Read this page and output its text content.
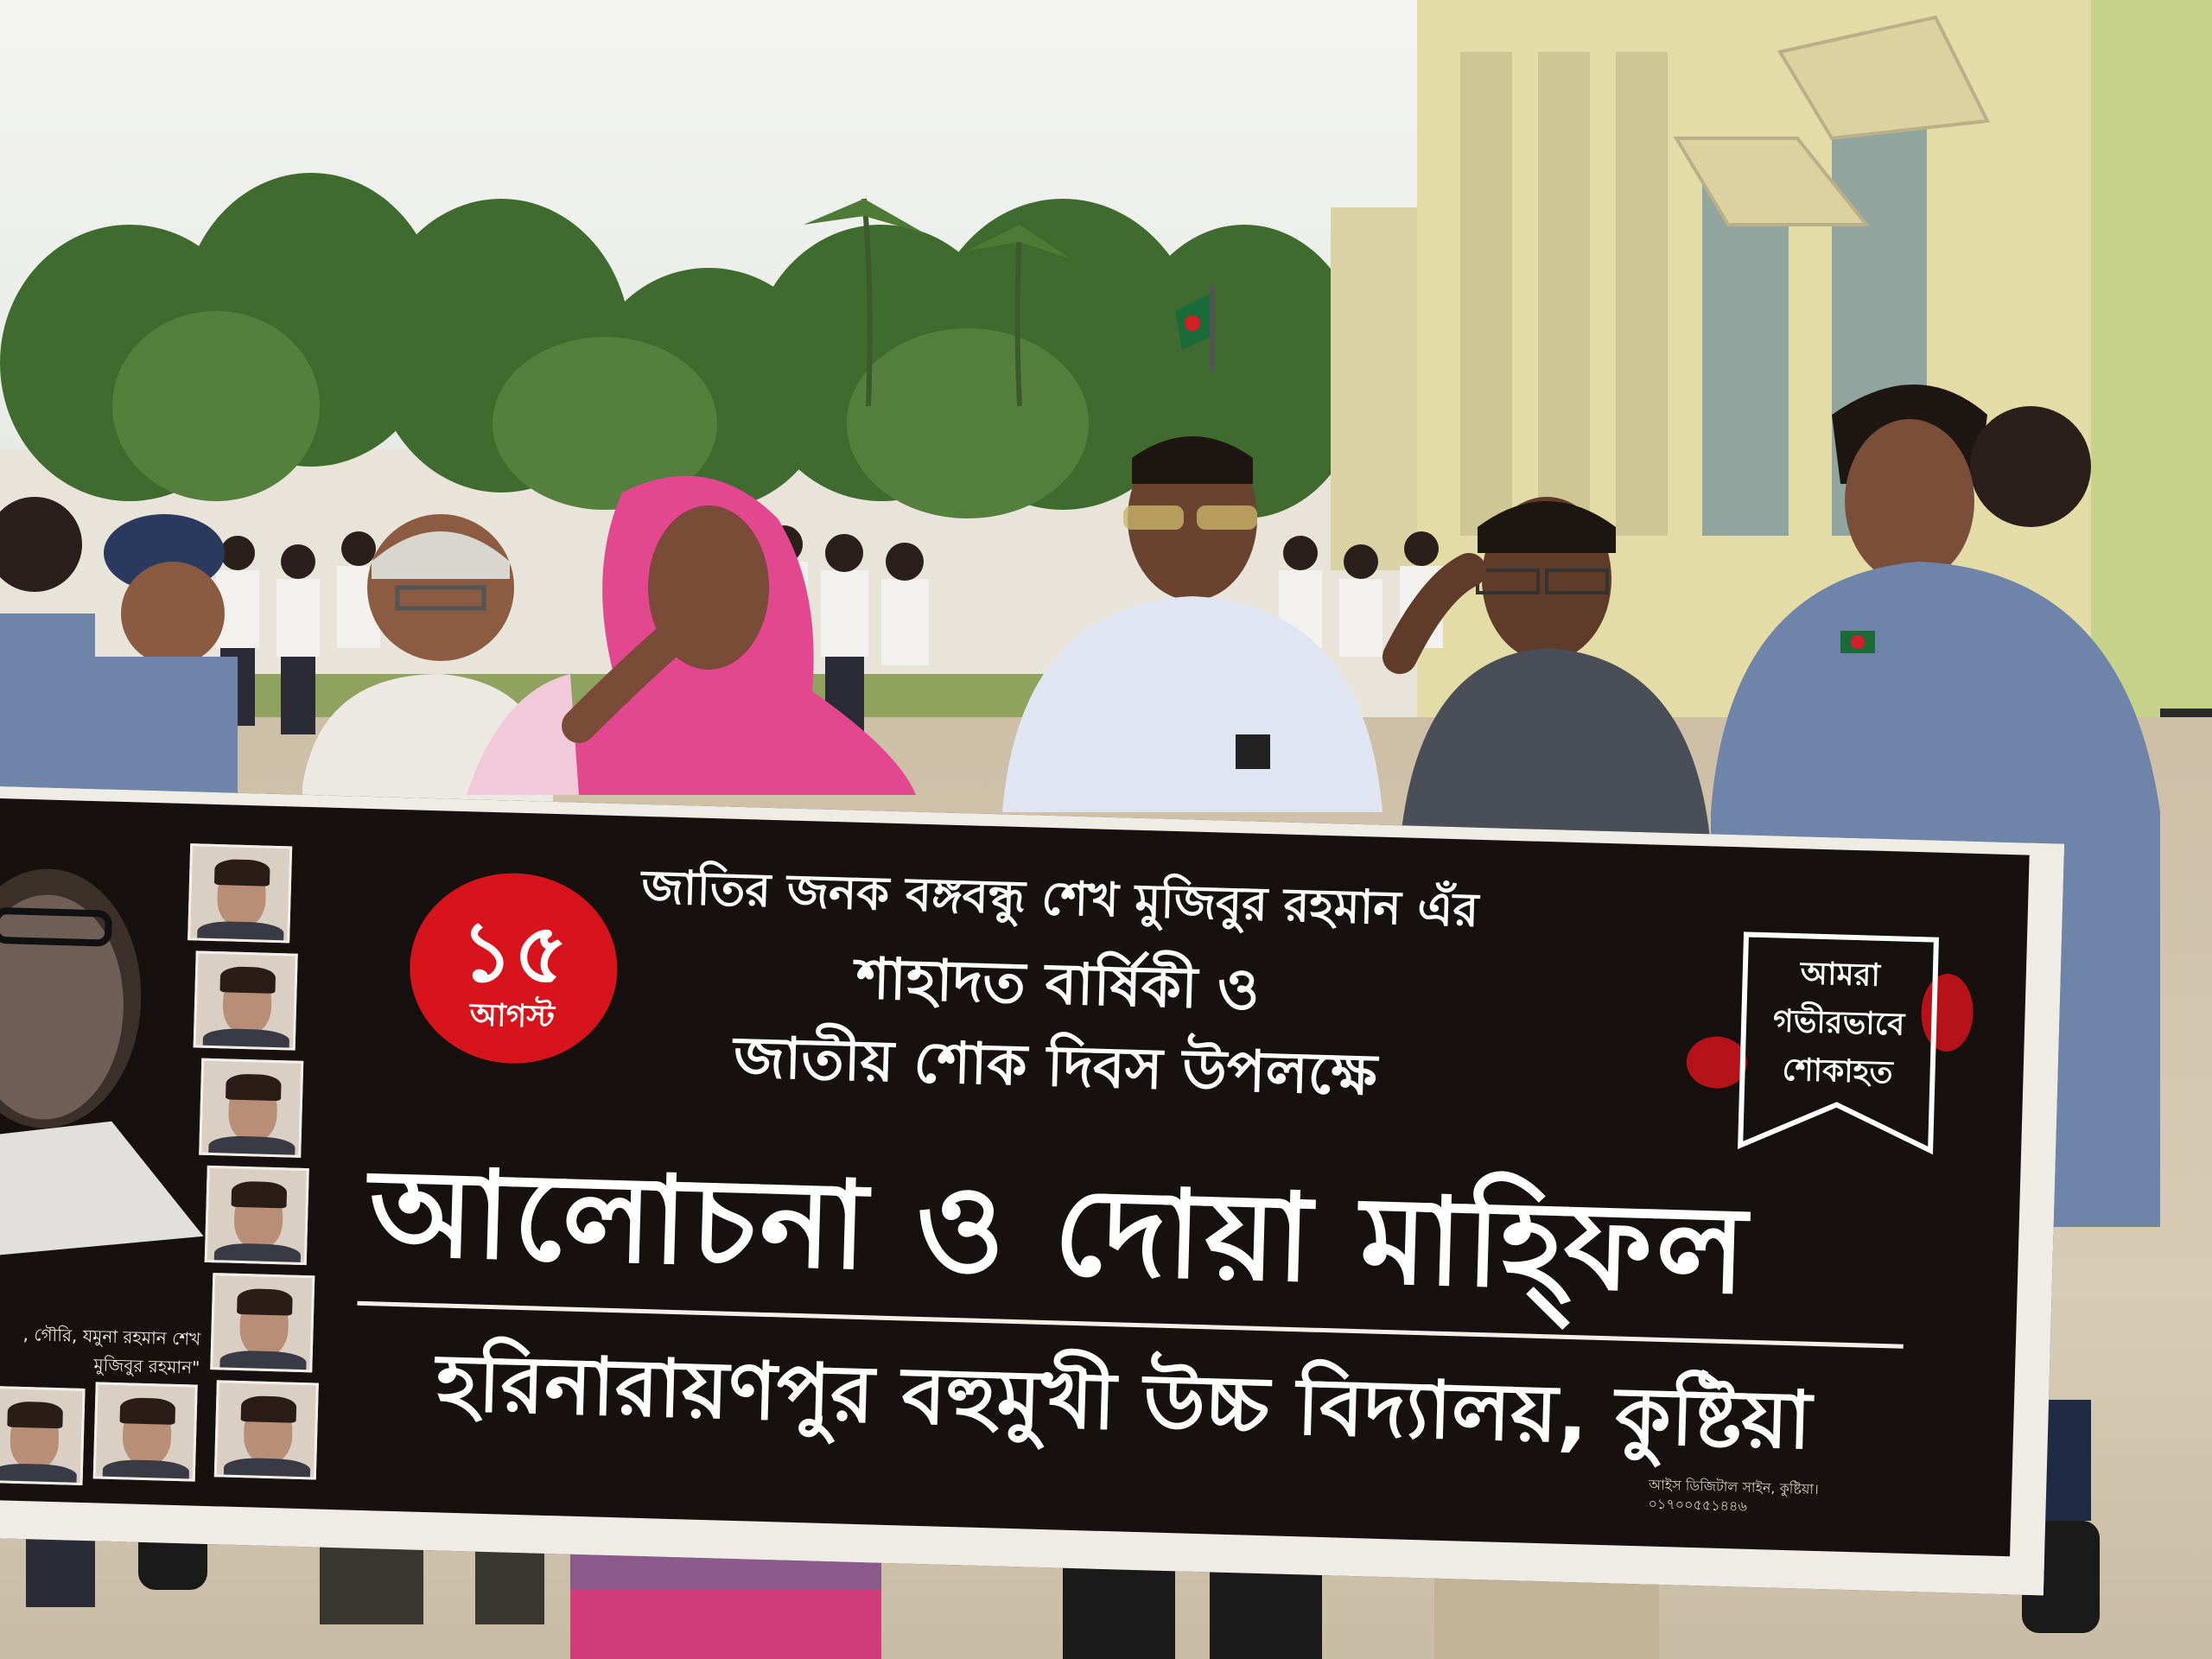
, গৌরি, যমুনা রহমান শেখ মুজিবুর রহমান"
১৫
আগস্ট
জাতির জনক বঙ্গবন্ধু শেখ মুজিবুর রহমান এঁর
শাহাদত বার্ষিকী ও
জাতীয় শোক দিবস উপলক্ষে
আলোচনা ও দোয়া মাহ্ফিল
হরিনারায়ণপুর বহুমুখী উচ্চ বিদ্যালয়, কুষ্টিয়া
আইস ডিজিটাল সাইন, কুষ্টিয়া।
০১৭০০৫৫১৪৪৬
আমরা
গভীরভাবে
শোকাহত
